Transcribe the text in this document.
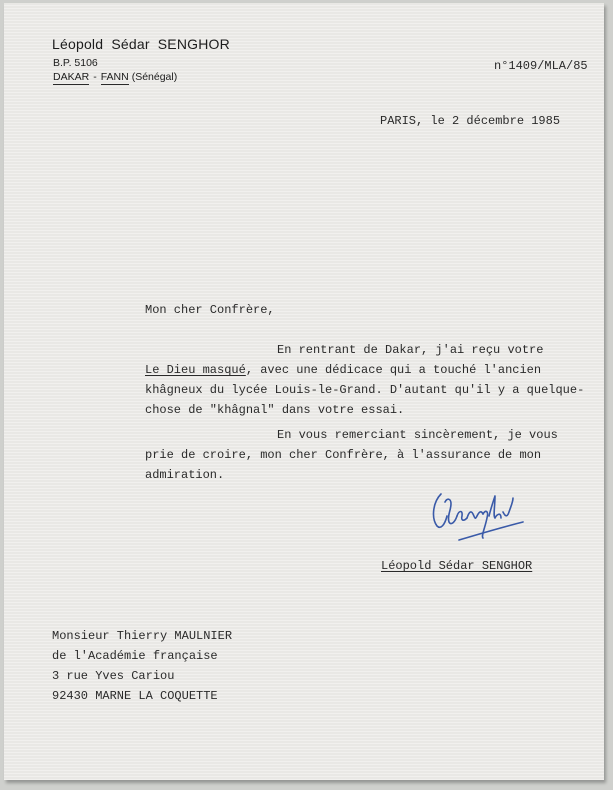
Léopold Sédar SENGHOR
B.P. 5106
DAKAR - FANN (Sénégal)
n°1409/MLA/85
PARIS, le 2 décembre 1985
Mon cher Confrère,
En rentrant de Dakar, j'ai reçu votre
Le Dieu masqué, avec une dédicace qui a touché l'ancien
khâgneux du lycée Louis-le-Grand. D'autant qu'il y a quelque-
chose de "khâgnal" dans votre essai.
En vous remerciant sincèrement, je vous
prie de croire, mon cher Confrère, à l'assurance de mon
admiration.
Léopold Sédar SENGHOR
Monsieur Thierry MAULNIER
de l'Académie française
3 rue Yves Cariou
92430 MARNE LA COQUETTE
